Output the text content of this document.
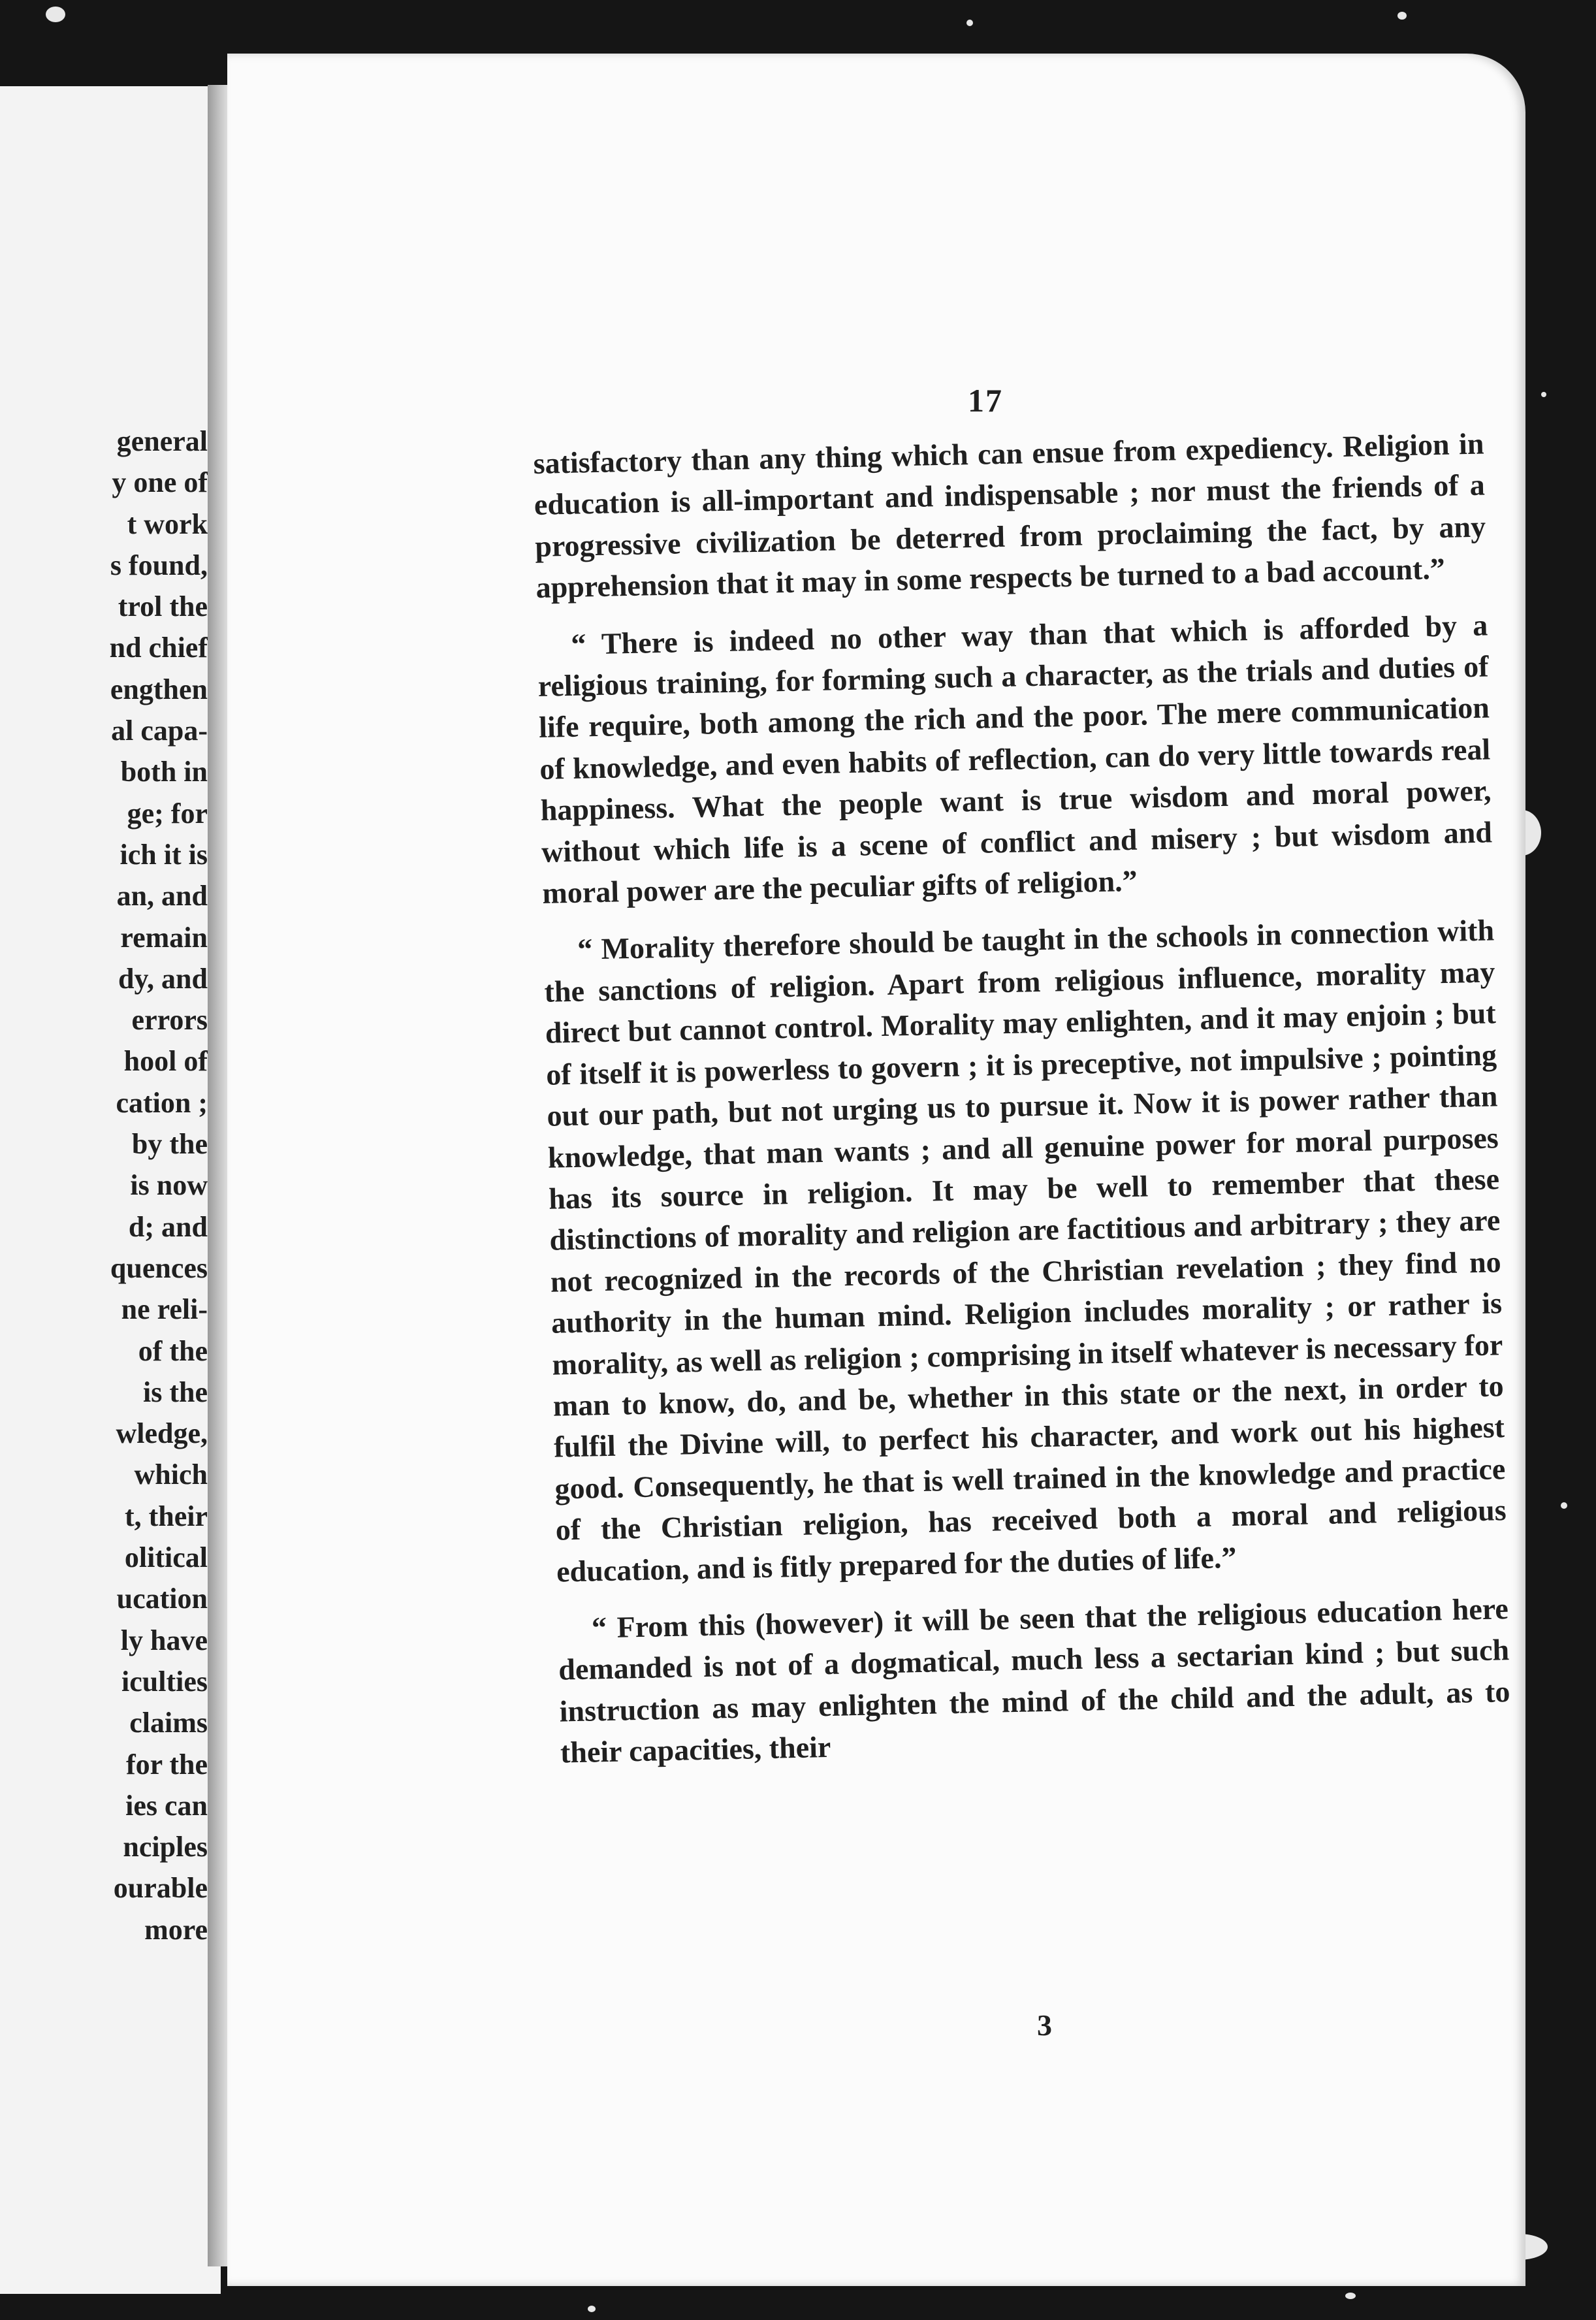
general
y one of
t work
s found,
trol the
nd chief
engthen
al capa-
both in
ge; for
ich it is
an, and
remain
dy, and
errors
hool of
cation ;
by the
is now
d; and
quences
ne reli-
of the
is the
wledge,
which
t, their
olitical
ucation
ly have
iculties
claims
for the
ies can
nciples
ourable
more
17

satisfactory than any thing which can ensue from expediency. Religion in education is all-important and indispensable ; nor must the friends of a progressive civilization be deterred from proclaiming the fact, by any apprehension that it may in some respects be turned to a bad account.”

“ There is indeed no other way than that which is afforded by a religious training, for forming such a character, as the trials and duties of life require, both among the rich and the poor. The mere communication of knowledge, and even habits of reflection, can do very little towards real happiness. What the people want is true wisdom and moral power, without which life is a scene of conflict and misery ; but wisdom and moral power are the peculiar gifts of religion.”

“ Morality therefore should be taught in the schools in connection with the sanctions of religion. Apart from religious influence, morality may direct but cannot control. Morality may enlighten, and it may enjoin ; but of itself it is powerless to govern ; it is preceptive, not impulsive ; pointing out our path, but not urging us to pursue it. Now it is power rather than knowledge, that man wants ; and all genuine power for moral purposes has its source in religion. It may be well to remember that these distinctions of morality and religion are factitious and arbitrary ; they are not recognized in the records of the Christian revelation ; they find no authority in the human mind. Religion includes morality ; or rather is morality, as well as religion ; comprising in itself whatever is necessary for man to know, do, and be, whether in this state or the next, in order to fulfil the Divine will, to perfect his character, and work out his highest good. Consequently, he that is well trained in the knowledge and practice of the Christian religion, has received both a moral and religious education, and is fitly prepared for the duties of life.”

“ From this (however) it will be seen that the religious education here demanded is not of a dogmatical, much less a sectarian kind ; but such instruction as may enlighten the mind of the child and the adult, as to their capacities, their

3
